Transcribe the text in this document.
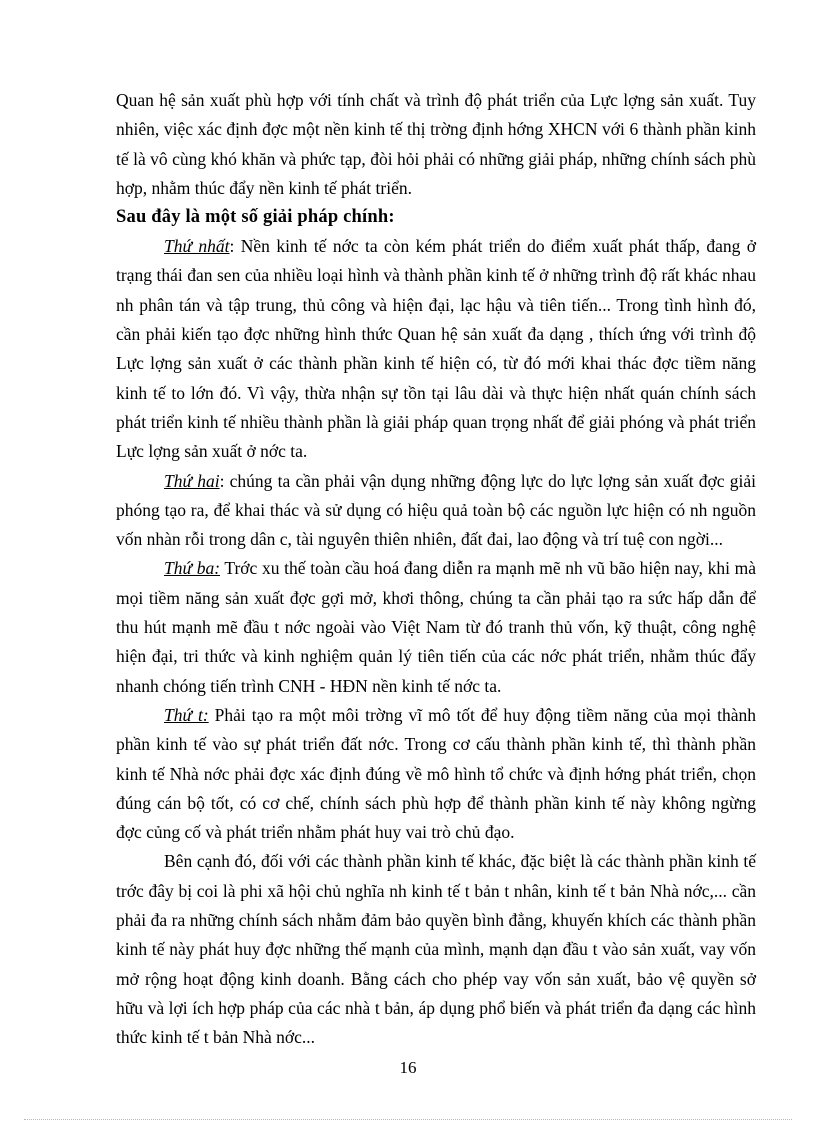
Quan hệ sản xuất phù hợp với tính chất và trình độ phát triển của Lực lợng sản xuất. Tuy nhiên, việc xác định đợc một nền kinh tế thị trờng định hớng XHCN với 6 thành phần kinh tế là vô cùng khó khăn và phức tạp, đòi hỏi phải có những giải pháp, những chính sách phù hợp, nhằm thúc đẩy nền kinh tế phát triển.

Sau đây là một số giải pháp chính:

Thứ nhất: Nền kinh tế nớc ta còn kém phát triển do điểm xuất phát thấp, đang ở trạng thái đan sen của nhiều loại hình và thành phần kinh tế ở những trình độ rất khác nhau nh phân tán và tập trung, thủ công và hiện đại, lạc hậu và tiên tiến... Trong tình hình đó, cần phải kiến tạo đợc những hình thức Quan hệ sản xuất đa dạng , thích ứng với trình độ Lực lợng sản xuất ở các thành phần kinh tế hiện có, từ đó mới khai thác đợc tiềm năng kinh tế to lớn đó. Vì vậy, thừa nhận sự tồn tại lâu dài và thực hiện nhất quán chính sách phát triển kinh tế nhiều thành phần là giải pháp quan trọng nhất để giải phóng và phát triển Lực lợng sản xuất ở nớc ta.

Thứ hai: chúng ta cần phải vận dụng những động lực do lực lợng sản xuất đợc giải phóng tạo ra, để khai thác và sử dụng có hiệu quả toàn bộ các nguồn lực hiện có nh nguồn vốn nhàn rỗi trong dân c, tài nguyên thiên nhiên, đất đai, lao động và trí tuệ con ngời...

Thứ ba: Trớc xu thế toàn cầu hoá đang diễn ra mạnh mẽ nh vũ bão hiện nay, khi mà mọi tiềm năng sản xuất đợc gợi mở, khơi thông, chúng ta cần phải tạo ra sức hấp dẫn để thu hút mạnh mẽ đầu t nớc ngoài vào Việt Nam từ đó tranh thủ vốn, kỹ thuật, công nghệ hiện đại, tri thức và kinh nghiệm quản lý tiên tiến của các nớc phát triển, nhằm thúc đẩy nhanh chóng tiến trình CNH - HĐN nền kinh tế nớc ta.

Thứ t: Phải tạo ra một môi trờng vĩ mô tốt để huy động tiềm năng của mọi thành phần kinh tế vào sự phát triển đất nớc. Trong cơ cấu thành phần kinh tế, thì thành phần kinh tế Nhà nớc phải đợc xác định đúng về mô hình tổ chức và định hớng phát triển, chọn đúng cán bộ tốt, có cơ chế, chính sách phù hợp để thành phần kinh tế này không ngừng đợc củng cố và phát triển nhằm phát huy vai trò chủ đạo.

Bên cạnh đó, đối với các thành phần kinh tế khác, đặc biệt là các thành phần kinh tế trớc đây bị coi là phi xã hội chủ nghĩa nh kinh tế t bản t nhân, kinh tế t bản Nhà nớc,... cần phải đa ra những chính sách nhằm đảm bảo quyền bình đẳng, khuyến khích các thành phần kinh tế này phát huy đợc những thế mạnh của mình, mạnh dạn đầu t vào sản xuất, vay vốn mở rộng hoạt động kinh doanh. Bằng cách cho phép vay vốn sản xuất, bảo vệ quyền sở hữu và lợi ích hợp pháp của các nhà t bản, áp dụng phổ biến và phát triển đa dạng các hình thức kinh tế t bản Nhà nớc...

16
